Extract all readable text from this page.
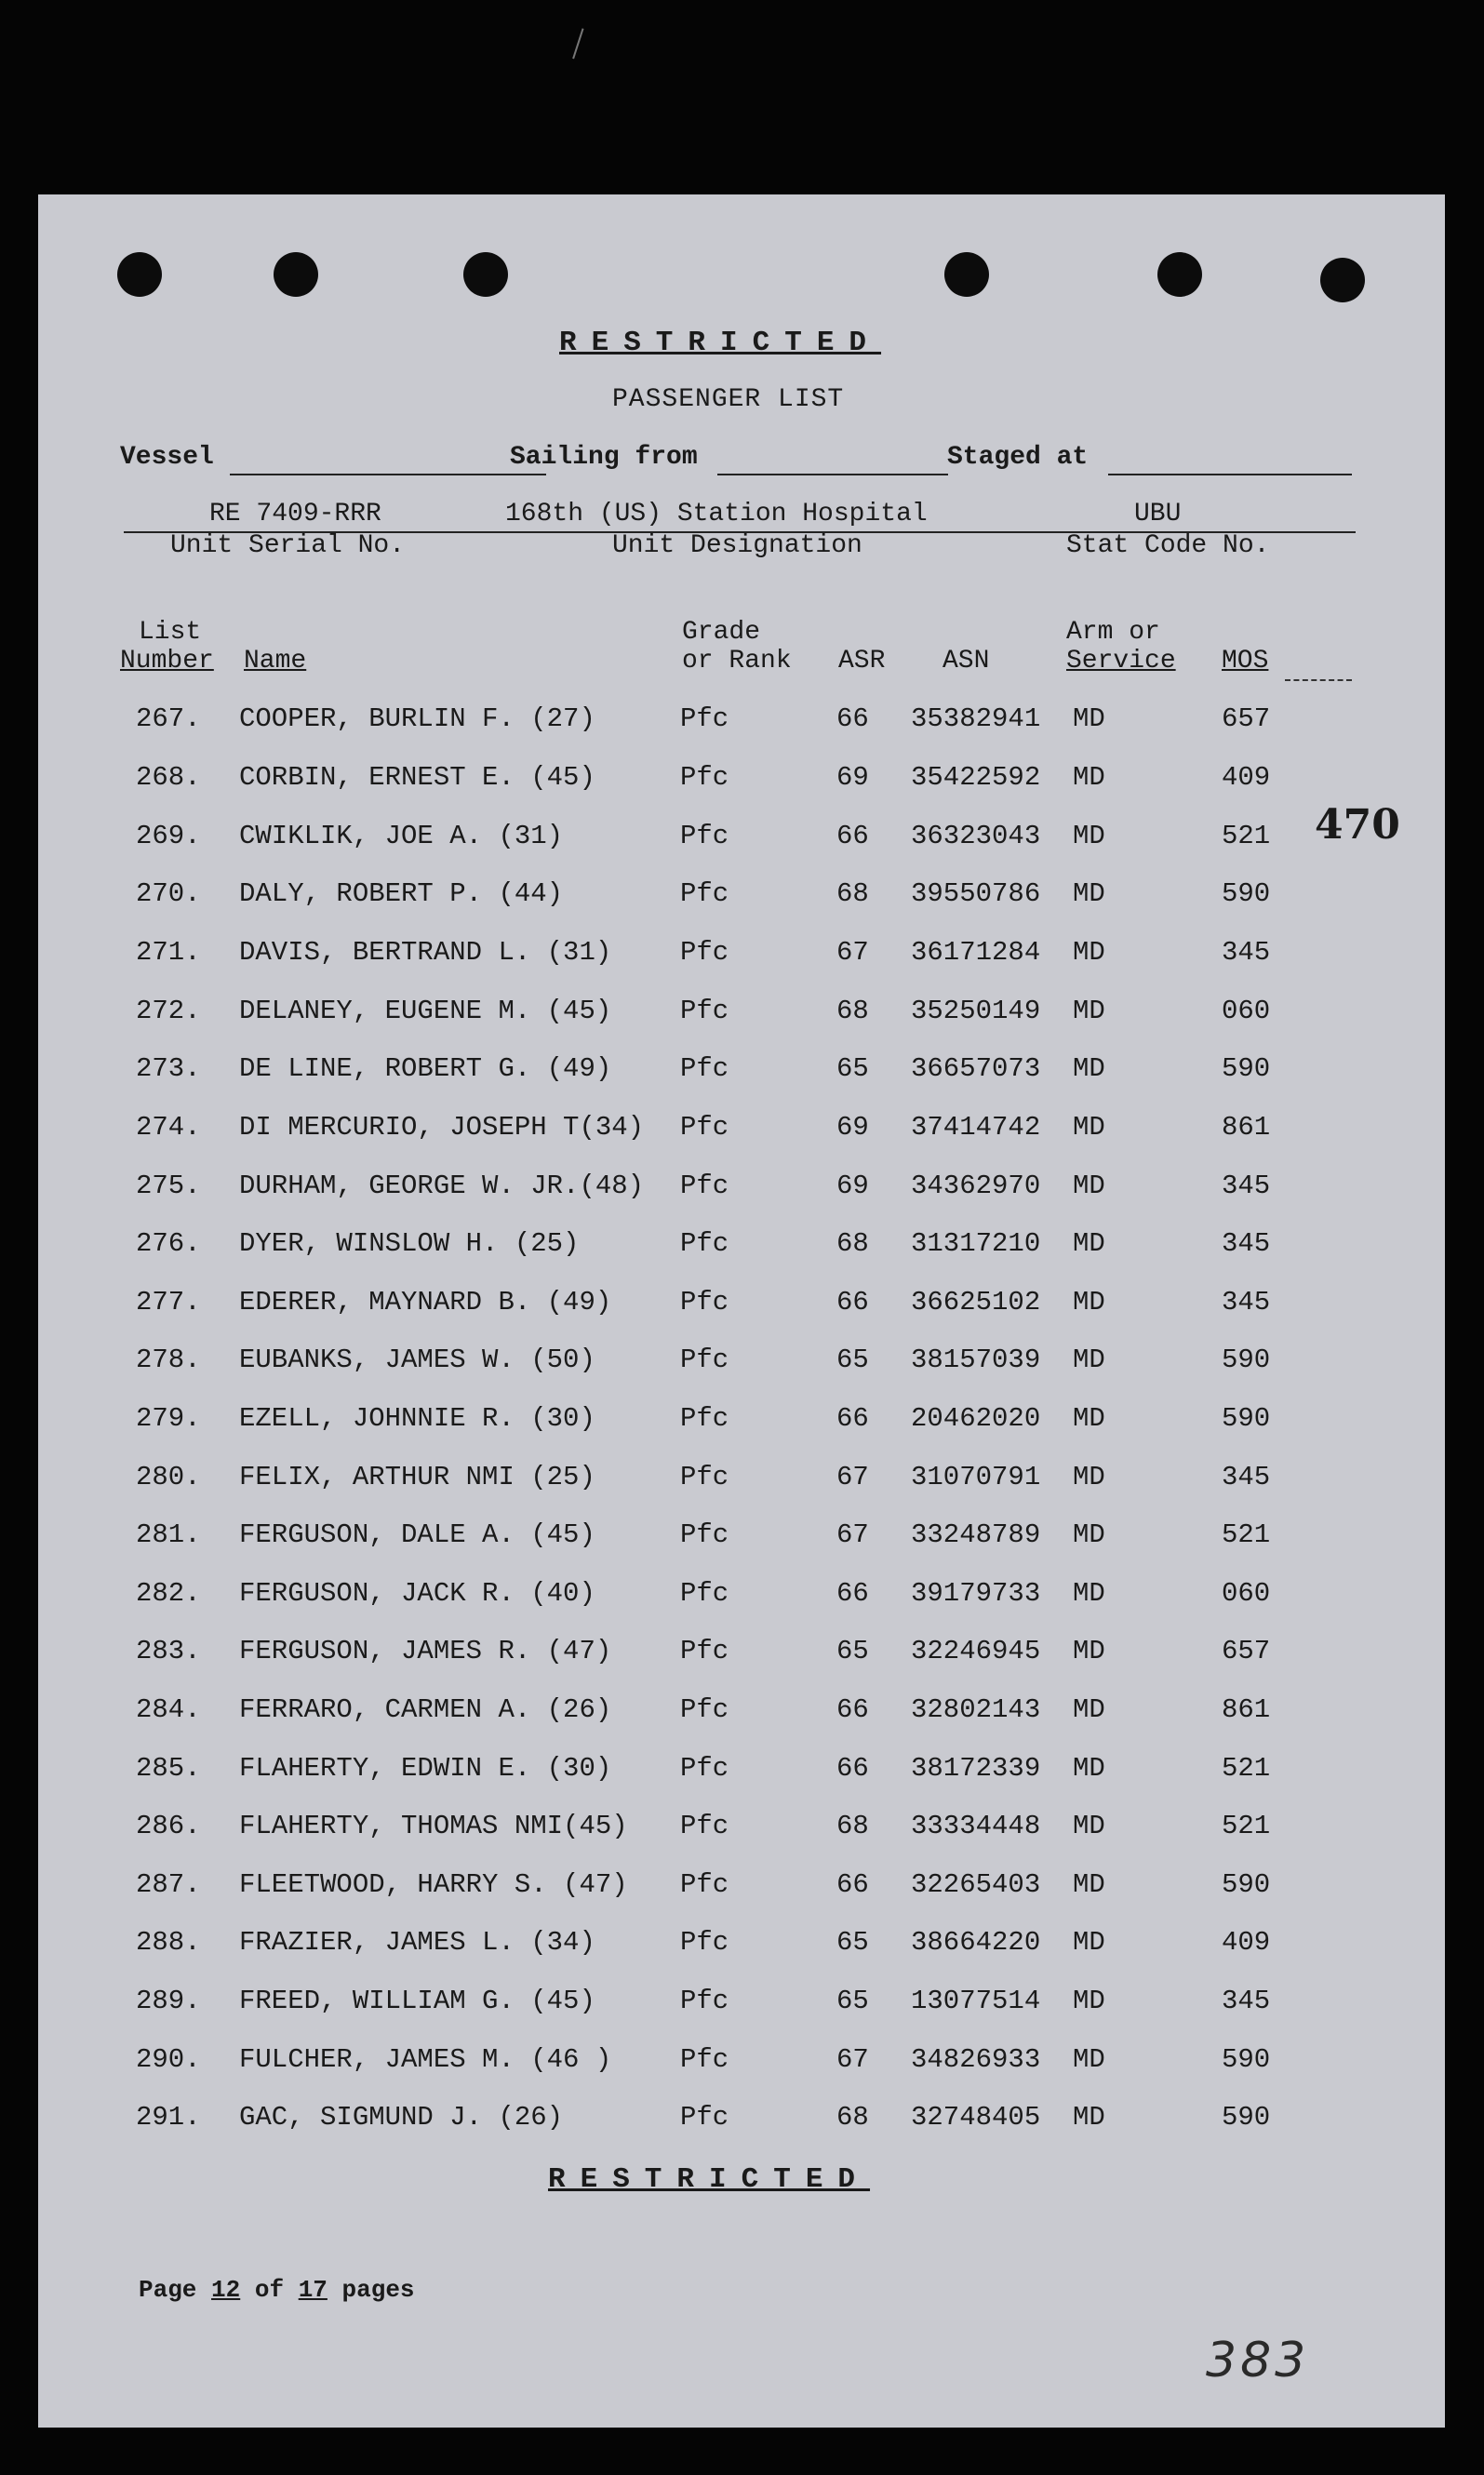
RESTRICTED
PASSENGER LIST
Vessel	Sailing from	Staged at
RE 7409-RRR	168th (US) Station Hospital	UBU
Unit Serial No.	Unit Designation	Stat Code No.
List
Number Name
Grade
or Rank ASR ASN
Arm or
Service MOS
267. COOPER, BURLIN F. (27)	Pfc	66 35382941 MD	657
268. CORBIN, ERNEST E. (45)	Pfc	69 35422592 MD	409
269. CWIKLIK, JOE A. (31)	Pfc	66 36323043 MD	521
270. DALY, ROBERT P. (44)	Pfc	68 39550786 MD	590
271. DAVIS, BERTRAND L. (31)	Pfc	67 36171284 MD	345
272. DELANEY, EUGENE M. (45)	Pfc	68 35250149 MD	060
273. DE LINE, ROBERT G. (49)	Pfc	65 36657073 MD	590
274. DI MERCURIO, JOSEPH T(34) Pfc	69 37414742 MD	861
275. DURHAM, GEORGE W. JR.(48) Pfc	69 34362970 MD	345
276. DYER, WINSLOW H. (25)	Pfc	68 31317210 MD	345
277. EDERER, MAYNARD B. (49)	Pfc	66 36625102 MD	345
278. EUBANKS, JAMES W. (50)	Pfc	65 38157039 MD	590
279. EZELL, JOHNNIE R. (30)	Pfc	66 20462020 MD	590
280. FELIX, ARTHUR NMI (25)	Pfc	67 31070791 MD	345
281. FERGUSON, DALE A. (45)	Pfc	67 33248789 MD	521
282. FERGUSON, JACK R. (40)	Pfc	66 39179733 MD	060
283. FERGUSON, JAMES R. (47)	Pfc	65 32246945 MD	657
284. FERRARO, CARMEN A. (26)	Pfc	66 32802143 MD	861
285. FLAHERTY, EDWIN E. (30)	Pfc	66 38172339 MD	521
286. FLAHERTY, THOMAS NMI(45) Pfc	68 33334448 MD	521
287. FLEETWOOD, HARRY S. (47) Pfc	66 32265403 MD	590
288. FRAZIER, JAMES L. (34)	Pfc	65 38664220 MD	409
289. FREED, WILLIAM G. (45)	Pfc	65 13077514 MD	345
290. FULCHER, JAMES M. (46 )	Pfc	67 34826933 MD	590
291. GAC, SIGMUND J. (26)	Pfc	68 32748405 MD	590
470
RESTRICTED
Page 12 of 17 pages
383
